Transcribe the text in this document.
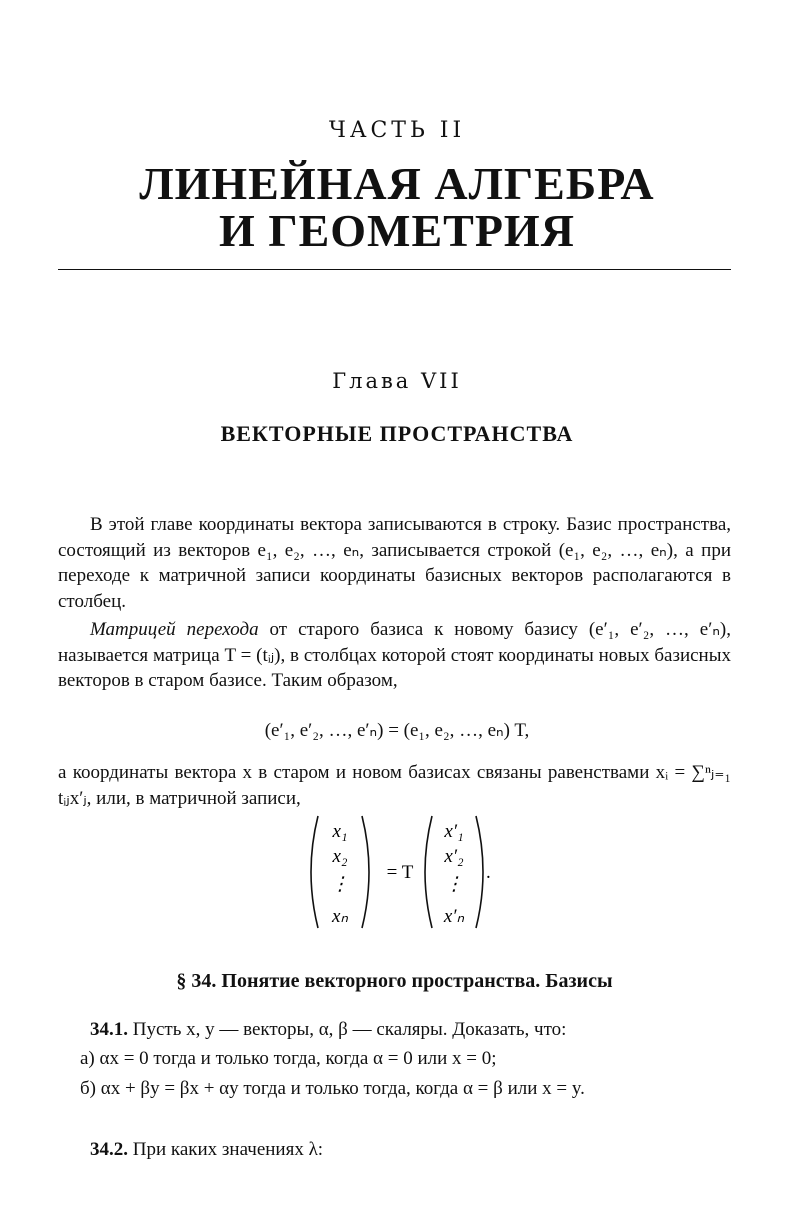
ЧАСТЬ II
ЛИНЕЙНАЯ АЛГЕБРА
И ГЕОМЕТРИЯ
Глава VII
ВЕКТОРНЫЕ ПРОСТРАНСТВА
В этой главе координаты вектора записываются в строку. Базис пространства, состоящий из векторов e₁, e₂, …, eₙ, записывается строкой (e₁, e₂, …, eₙ), а при переходе к матричной записи координаты базисных векторов располагаются в столбец.
Матрицей перехода от старого базиса к новому базису (e′₁, e′₂, …, e′ₙ), называется матрица T = (tᵢⱼ), в столбцах которой стоят координаты новых базисных векторов в старом базисе. Таким образом,
(e′₁, e′₂, …, e′ₙ) = (e₁, e₂, …, eₙ) T,
а координаты вектора x в старом и новом базисах связаны равенствами xᵢ = ∑ⁿⱼ₌₁ tᵢⱼx′ⱼ, или, в матричной записи,
x₁
x₂
⋮
xₙ
= T
x′₁
x′₂
⋮
x′ₙ
.
§ 34. Понятие векторного пространства. Базисы
34.1. Пусть x, y — векторы, α, β — скаляры. Доказать, что:
а) αx = 0 тогда и только тогда, когда α = 0 или x = 0;
б) αx + βy = βx + αy тогда и только тогда, когда α = β или x = y.
34.2. При каких значениях λ:
